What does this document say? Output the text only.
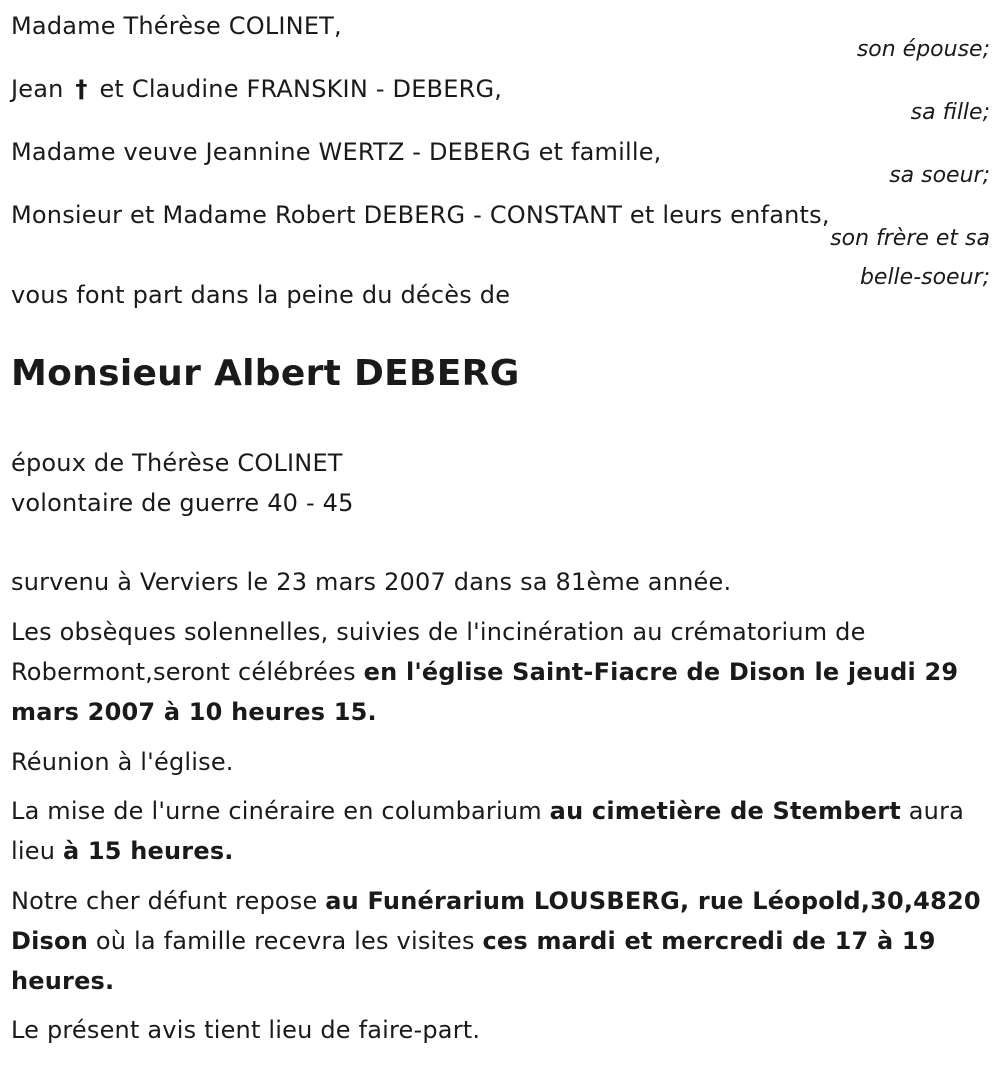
Madame Thérèse COLINET,
son épouse;
Jean † et Claudine FRANSKIN - DEBERG,
sa fille;
Madame veuve Jeannine WERTZ - DEBERG et famille,
sa soeur;
Monsieur et Madame Robert DEBERG - CONSTANT et leurs enfants,
son frère et sa
belle-soeur;
vous font part dans la peine du décès de
Monsieur Albert DEBERG
époux de Thérèse COLINET
volontaire de guerre 40 - 45
survenu à Verviers le 23 mars 2007 dans sa 81ème année.
Les obsèques solennelles, suivies de l'incinération au crématorium de Robermont,seront célébrées en l'église Saint-Fiacre de Dison le jeudi 29 mars 2007 à 10 heures 15.
Réunion à l'église.
La mise de l'urne cinéraire en columbarium au cimetière de Stembert aura lieu à 15 heures.
Notre cher défunt repose au Funérarium LOUSBERG, rue Léopold,30,4820 Dison où la famille recevra les visites ces mardi et mercredi de 17 à 19 heures.
Le présent avis tient lieu de faire-part.
